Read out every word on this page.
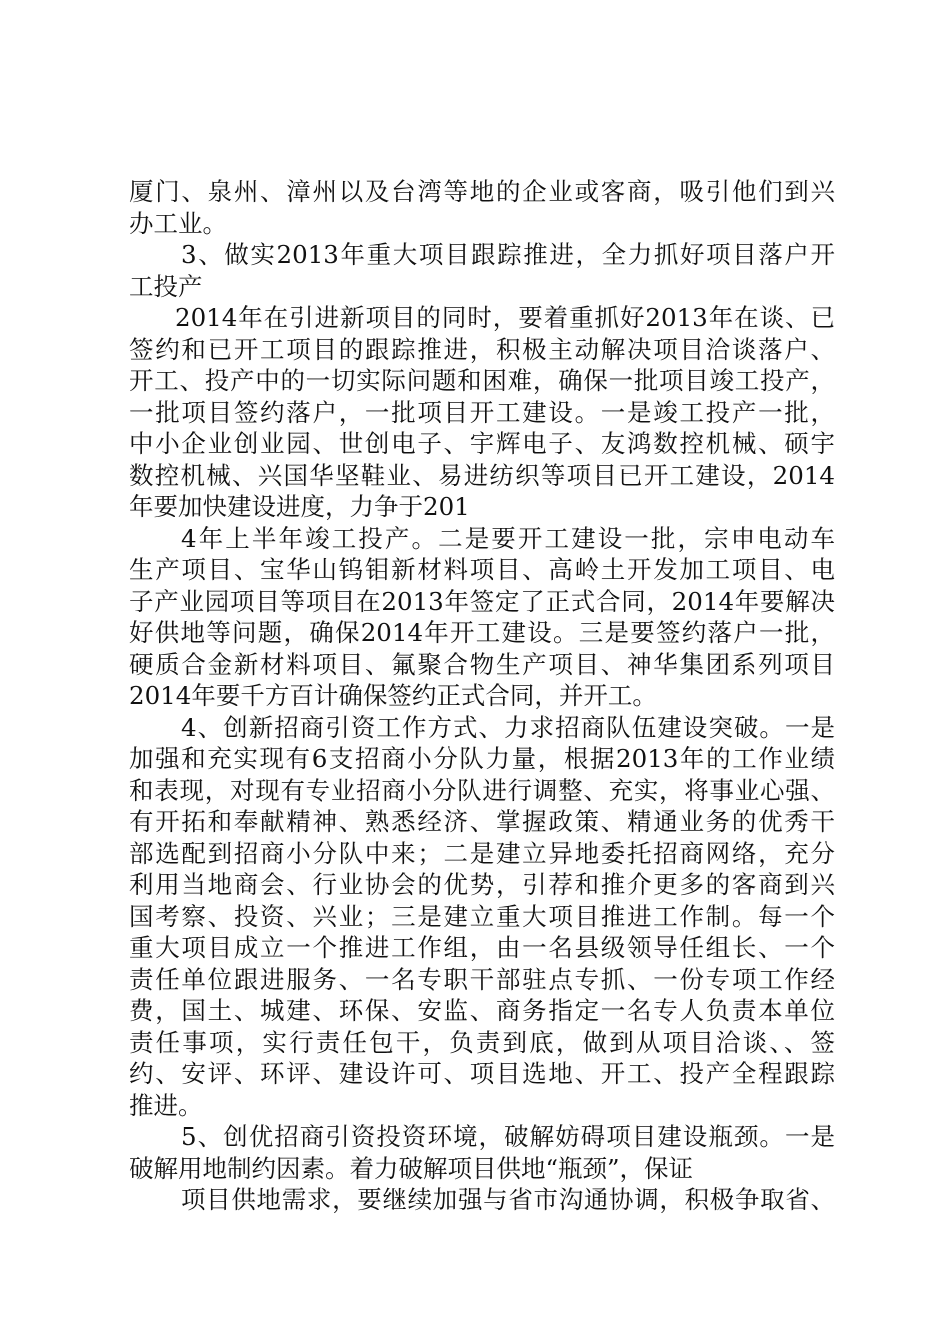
厦门、泉州、漳州以及台湾等地的企业或客商，吸引他们到兴
办工业。
3、做实2013年重大项目跟踪推进，全力抓好项目落户开
工投产
2014年在引进新项目的同时，要着重抓好2013年在谈、已
签约和已开工项目的跟踪推进，积极主动解决项目洽谈落户、
开工、投产中的一切实际问题和困难，确保一批项目竣工投产，
一批项目签约落户，一批项目开工建设。一是竣工投产一批，
中小企业创业园、世创电子、宇辉电子、友鸿数控机械、硕宇
数控机械、兴国华坚鞋业、易进纺织等项目已开工建设，2014
年要加快建设进度，力争于201
4年上半年竣工投产。二是要开工建设一批，宗申电动车
生产项目、宝华山钨钼新材料项目、高岭土开发加工项目、电
子产业园项目等项目在2013年签定了正式合同，2014年要解决
好供地等问题，确保2014年开工建设。三是要签约落户一批，
硬质合金新材料项目、氟聚合物生产项目、神华集团系列项目
2014年要千方百计确保签约正式合同，并开工。
4、创新招商引资工作方式、力求招商队伍建设突破。一是
加强和充实现有6支招商小分队力量，根据2013年的工作业绩
和表现，对现有专业招商小分队进行调整、充实，将事业心强、
有开拓和奉献精神、熟悉经济、掌握政策、精通业务的优秀干
部选配到招商小分队中来；二是建立异地委托招商网络，充分
利用当地商会、行业协会的优势，引荐和推介更多的客商到兴
国考察、投资、兴业；三是建立重大项目推进工作制。每一个
重大项目成立一个推进工作组，由一名县级领导任组长、一个
责任单位跟进服务、一名专职干部驻点专抓、一份专项工作经
费，国土、城建、环保、安监、商务指定一名专人负责本单位
责任事项，实行责任包干，负责到底，做到从项目洽谈、、签
约、安评、环评、建设许可、项目选地、开工、投产全程跟踪
推进。
5、创优招商引资投资环境，破解妨碍项目建设瓶颈。一是
破解用地制约因素。着力破解项目供地“瓶颈”，保证
项目供地需求，要继续加强与省市沟通协调，积极争取省、
